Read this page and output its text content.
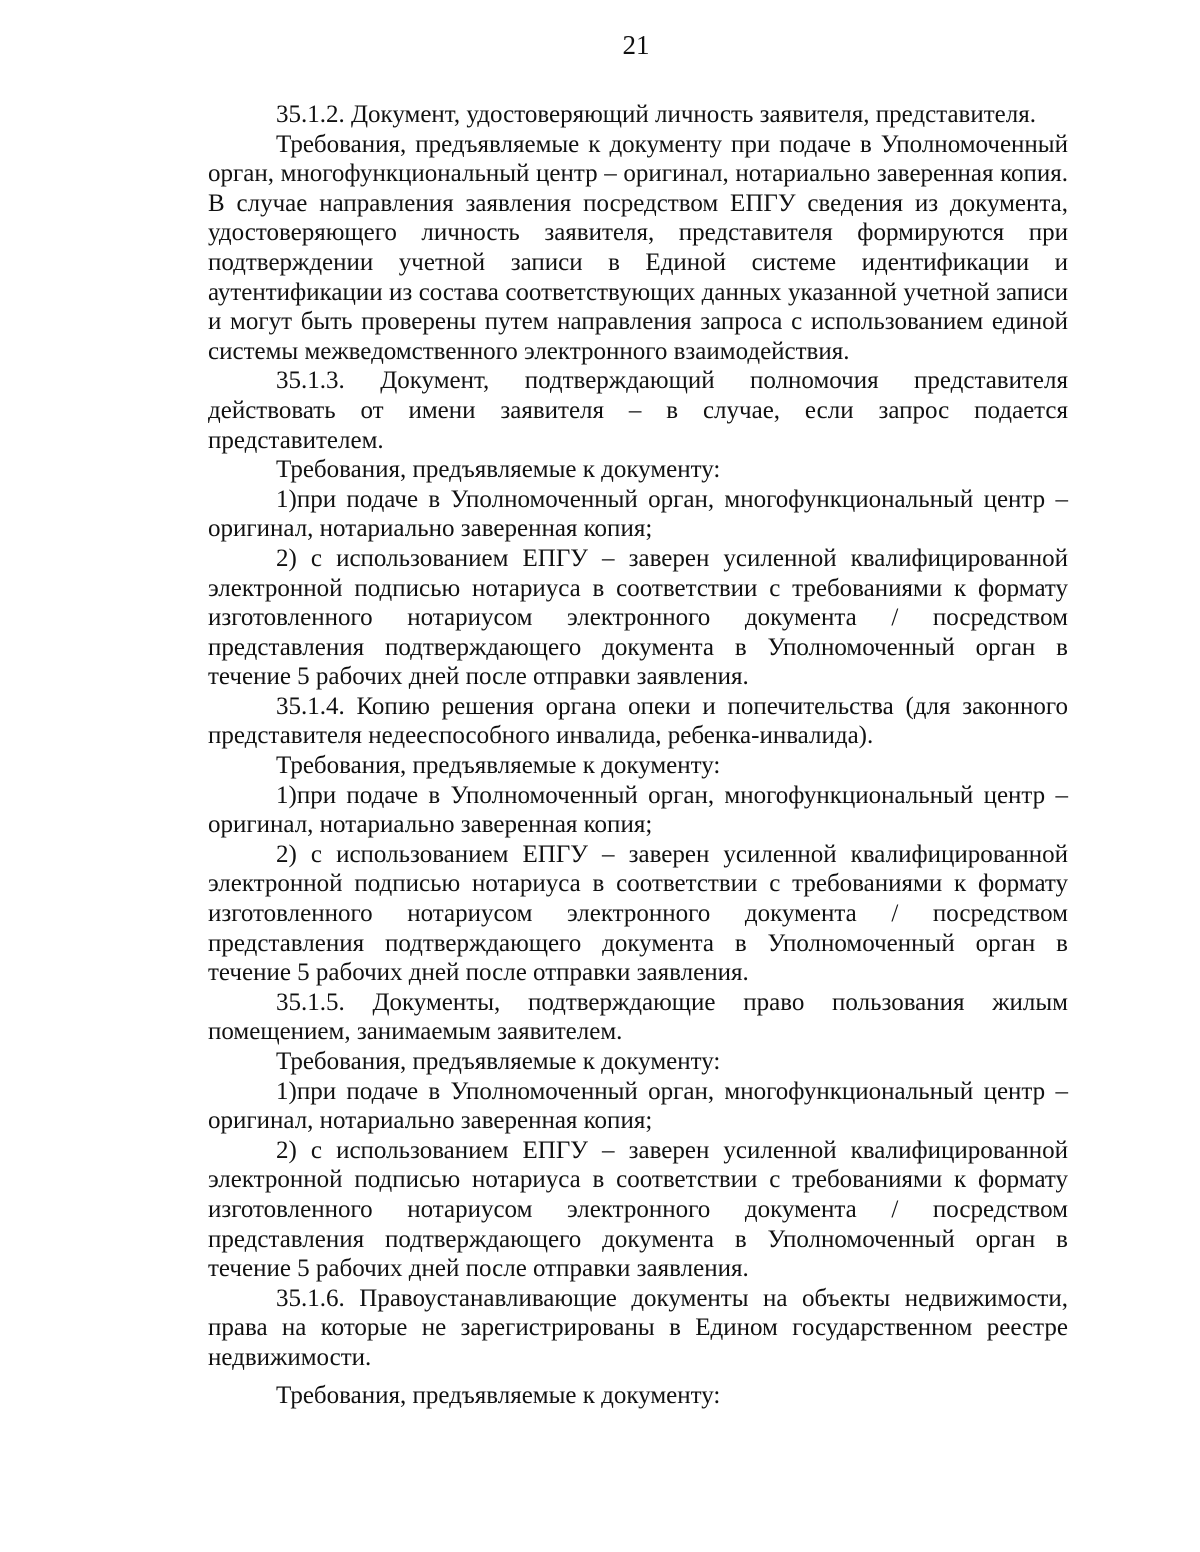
21

35.1.2. Документ, удостоверяющий личность заявителя, представителя.

Требования, предъявляемые к документу при подаче в Уполномоченный орган, многофункциональный центр – оригинал, нотариально заверенная копия. В случае направления заявления посредством ЕПГУ сведения из документа, удостоверяющего личность заявителя, представителя формируются при подтверждении учетной записи в Единой системе идентификации и аутентификации из состава соответствующих данных указанной учетной записи и могут быть проверены путем направления запроса с использованием единой системы межведомственного электронного взаимодействия.

35.1.3. Документ, подтверждающий полномочия представителя действовать от имени заявителя – в случае, если запрос подается представителем.

Требования, предъявляемые к документу:

1)при подаче в Уполномоченный орган, многофункциональный центр – оригинал, нотариально заверенная копия;

2) с использованием ЕПГУ – заверен усиленной квалифицированной электронной подписью нотариуса в соответствии с требованиями к формату изготовленного нотариусом электронного документа / посредством представления подтверждающего документа в Уполномоченный орган в течение 5 рабочих дней после отправки заявления.

35.1.4. Копию решения органа опеки и попечительства (для законного представителя недееспособного инвалида, ребенка-инвалида).

Требования, предъявляемые к документу:

1)при подаче в Уполномоченный орган, многофункциональный центр – оригинал, нотариально заверенная копия;

2) с использованием ЕПГУ – заверен усиленной квалифицированной электронной подписью нотариуса в соответствии с требованиями к формату изготовленного нотариусом электронного документа / посредством представления подтверждающего документа в Уполномоченный орган в течение 5 рабочих дней после отправки заявления.

35.1.5. Документы, подтверждающие право пользования жилым помещением, занимаемым заявителем.

Требования, предъявляемые к документу:

1)при подаче в Уполномоченный орган, многофункциональный центр – оригинал, нотариально заверенная копия;

2) с использованием ЕПГУ – заверен усиленной квалифицированной электронной подписью нотариуса в соответствии с требованиями к формату изготовленного нотариусом электронного документа / посредством представления подтверждающего документа в Уполномоченный орган в течение 5 рабочих дней после отправки заявления.

35.1.6. Правоустанавливающие документы на объекты недвижимости, права на которые не зарегистрированы в Едином государственном реестре недвижимости.

Требования, предъявляемые к документу:
